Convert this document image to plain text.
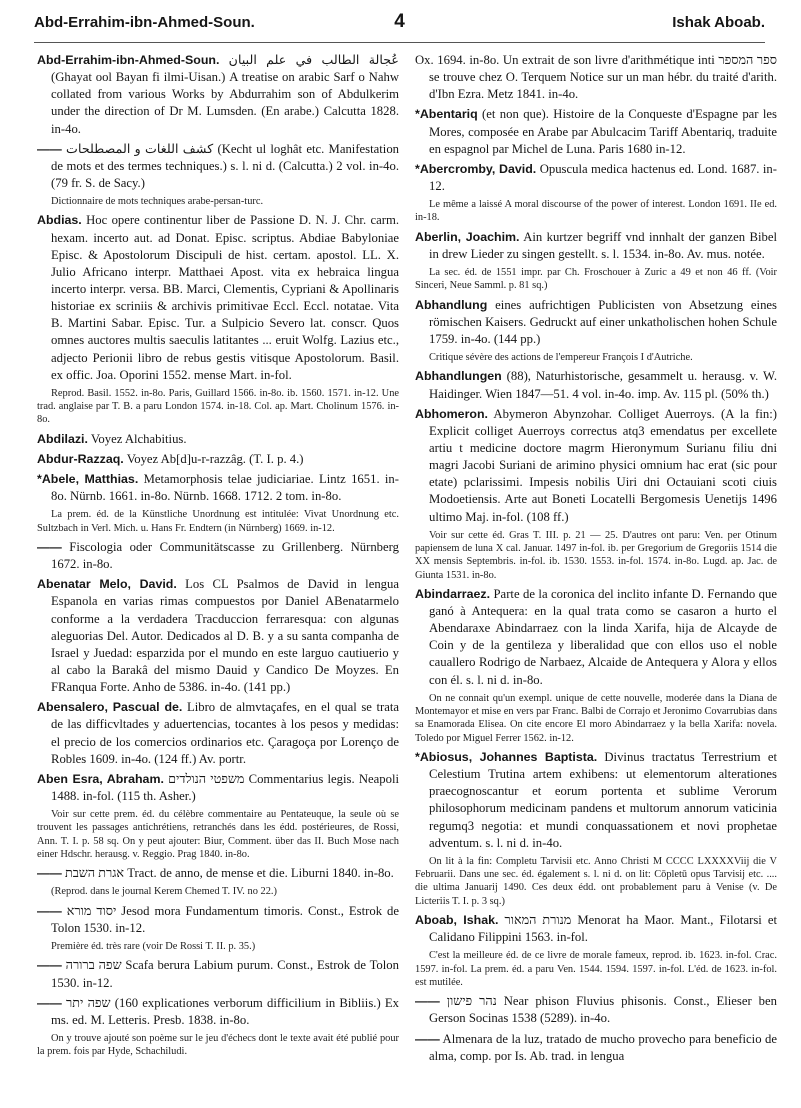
Abd-Errahim-ibn-Ahmed-Soun.	4	Ishak Aboab.

Abd-Errahim-ibn-Ahmed-Soun. عُجالة الطالب في علم البيان (Ghayat ool Bayan fi ilmi-Uisan.) A treatise on arabic Sarf o Nahw collated from various Works by Abdurrahim son of Abdulkerim under the direction of Dr M. Lumsden. (En arabe.) Calcutta 1828. in-4o.

—— كشف اللغات و المصطلحات (Kecht ul loghât etc. Manifestation de mots et des termes techniques.) s. l. ni d. (Calcutta.) 2 vol. in-4o. (79 fr. S. de Sacy.)

Dictionnaire de mots techniques arabe-persan-turc.

Abdias. Hoc opere continentur liber de Passione D. N. J. Chr. carm. hexam. incerto aut. ad Donat. Episc. scriptus. Abdiae Babyloniae Episc. & Apostolorum Discipuli de hist. certam. apostol. LL. X. Julio Africano interpr. Matthaei Apost. vita ex hebraica lingua incerto interpr. versa. BB. Marci, Clementis, Cypriani & Apollinaris historiae ex scriniis & archivis primitivae Eccl. Eccl. notatae. Vita B. Martini Sabar. Episc. Tur. a Sulpicio Severo lat. conscr. Quos omnes auctores multis saeculis latitantes ... eruit Wolfg. Lazius etc., adjecto Perionii libro de rebus gestis vitisque Apostolorum. Basil. ex offic. Joa. Oporini 1552. mense Mart. in-fol.

Reprod. Basil. 1552. in-8o. Paris, Guillard 1566. in-8o. ib. 1560. 1571. in-12. Une trad. anglaise par T. B. a paru London 1574. in-18. Col. ap. Mart. Cholinum 1576. in-8o.

Abdilazi. Voyez Alchabitius.

Abdur-Razzaq. Voyez Ab[d]u-r-razzâg. (T. I. p. 4.)

*Abele, Matthias. Metamorphosis telae judiciariae. Lintz 1651. in-8o. Nürnb. 1661. in-8o. Nürnb. 1668. 1712. 2 tom. in-8o.

La prem. éd. de la Künstliche Unordnung est intitulée: Vivat Unordnung etc. Sultzbach in Verl. Mich. u. Hans Fr. Endtern (in Nürnberg) 1669. in-12.

—— Fiscologia oder Communitätscasse zu Grillenberg. Nürnberg 1672. in-8o.

Abenatar Melo, David. Los CL Psalmos de David in lengua Espanola en varias rimas compuestos por Daniel ABenatarmelo conforme a la verdadera Tracduccion ferraresqua: con algunas aleguorias Del. Autor. Dedicados al D. B. y a su santa companha de Israel y Juedad: esparzida por el mundo en este larguo cautiuerio y al cabo la Barakâ del mismo Dauid y Candico De Moyzes. En FRanqua Forte. Anho de 5386. in-4o. (141 pp.)

Abensalero, Pascual de. Libro de almvtaçafes, en el qual se trata de las difficvltades y aduertencias, tocantes à los pesos y medidas: el precio de los comercios ordinarios etc. Çaragoça por Lorenço de Robles 1609. in-4o. (124 ff.) Av. portr.

Aben Esra, Abraham. משפטי הנולדים Commentarius legis. Neapoli 1488. in-fol. (115 th. Asher.)

Voir sur cette prem. éd. du célèbre commentaire au Pentateuque, la seule où se trouvent les passages antichrétiens, retranchés dans les édd. postérieures, de Rossi, Ann. T. I. p. 58 sq. On y peut ajouter: Biur, Comment. über das II. Buch Mose nach einer Hdschr. herausg. v. Reggio. Prag 1840. in-8o.

—— אגרת השבת Tract. de anno, de mense et die. Liburni 1840. in-8o.

(Reprod. dans le journal Kerem Chemed T. IV. no 22.)

—— יסוד מורא Jesod mora Fundamentum timoris. Const., Estrok de Tolon 1530. in-12.

Première éd. très rare (voir De Rossi T. II. p. 35.)

—— שפה ברורה Scafa berura Labium purum. Const., Estrok de Tolon 1530. in-12.

—— שפה יתר (160 explicationes verborum difficilium in Bibliis.) Ex ms. ed. M. Letteris. Presb. 1838. in-8o.

On y trouve ajouté son poème sur le jeu d'échecs dont le texte avait été publié pour la prem. fois par Hyde, Schachiludi.

Ox. 1694. in-8o. Un extrait de son livre d'arithmétique inti ספר המספר se trouve chez O. Terquem Notice sur un man hébr. du traité d'arith. d'Ibn Ezra. Metz 1841. in-4o.

*Abentariq (et non que). Histoire de la Conqueste d'Espagne par les Mores, composée en Arabe par Abulcacim Tariff Abentariq, traduite en espagnol par Michel de Luna. Paris 1680 in-12.

*Abercromby, David. Opuscula medica hactenus ed. Lond. 1687. in-12.

Le même a laissé A moral discourse of the power of interest. London 1691. IIe ed. in-18.

Aberlin, Joachim. Ain kurtzer begriff vnd innhalt der ganzen Bibel in drew Lieder zu singen gestellt. s. l. 1534. in-8o. Av. mus. notée.

La sec. éd. de 1551 impr. par Ch. Froschouer à Zuric a 49 et non 46 ff. (Voir Sinceri, Neue Samml. p. 81 sq.)

Abhandlung eines aufrichtigen Publicisten von Absetzung eines römischen Kaisers. Gedruckt auf einer unkatholischen hohen Schule 1759. in-4o. (144 pp.)

Critique sévère des actions de l'empereur François I d'Autriche.

Abhandlungen (88), Naturhistorische, gesammelt u. herausg. v. W. Haidinger. Wien 1847—51. 4 vol. in-4o. imp. Av. 115 pl. (50% th.)

Abhomeron. Abymeron Abynzohar. Colliget Auerroys. (A la fin:) Explicit colliget Auerroys correctus atq3 emendatus per excellete artiu t medicine doctore magrm Hieronymum Surianu filiu dni magri Jacobi Suriani de arimino physici omnium hac erat (sic pour etate) pclarissimi. Impesis nobilis Uiri dni Octauiani scoti ciuis Modoetiensis. Arte aut Boneti Locatelli Bergomesis Uenetijs 1496 ultimo Maj. in-fol. (108 ff.)

Voir sur cette éd. Gras T. III. p. 21 — 25. D'autres ont paru: Ven. per Otinum papiensem de luna X cal. Januar. 1497 in-fol. ib. per Gregorium de Gregoriis 1514 die XX mensis Septembris. in-fol. ib. 1530. 1553. in-fol. 1574. in-8o. Lugd. ap. Jac. de Giunta 1531. in-8o.

Abindarraez. Parte de la coronica del inclito infante D. Fernando que ganó à Antequera: en la qual trata como se casaron a hurto el Abendaraxe Abindarraez con la linda Xarifa, hija de Alcayde de Coin y de la gentileza y liberalidad que con ellos uso el noble cauallero Rodrigo de Narbaez, Alcaide de Antequera y Alora y ellos con él. s. l. ni d. in-8o.

On ne connait qu'un exempl. unique de cette nouvelle, moderée dans la Diana de Montemayor et mise en vers par Franc. Balbi de Corrajo et Jeronimo Covarrubias dans sa Enamorada Elisea. On cite encore El moro Abindarraez y la bella Xarifa: novela. Toledo por Miguel Ferrer 1562. in-12.

*Abiosus, Johannes Baptista. Divinus tractatus Terrestrium et Celestium Trutina artem exhibens: ut elementorum alterationes praecognoscantur et eorum portenta et sublime Verorum philosophorum medicinam pandens et multorum annorum vaticinia regumq3 negotia: et mundi conquassationem et novi prophetae adventum. s. l. ni d. in-4o.

On lit à la fin: Completu Tarvisii etc. Anno Christi M CCCC LXXXXViij die V Februarii. Dans une sec. éd. également s. l. ni d. on lit: Cōpletū opus Tarvisij etc. .... die ultima Januarij 1490. Ces deux édd. ont probablement paru à Venise (v. De Licteriis T. I. p. 3 sq.)

Aboab, Ishak. מנורת המאור Menorat ha Maor. Mant., Filotarsi et Calidano Filippini 1563. in-fol.

C'est la meilleure éd. de ce livre de morale fameux, reprod. ib. 1623. in-fol. Crac. 1597. in-fol. La prem. éd. a paru Ven. 1544. 1594. 1597. in-fol. L'éd. de 1623. in-fol. est mutilée.

—— נהר פישון Near phison Fluvius phisonis. Const., Elieser ben Gerson Socinas 1538 (5289). in-4o.

—— Almenara de la luz, tratado de mucho provecho para beneficio de alma, comp. por Is. Ab. trad. in lengua
